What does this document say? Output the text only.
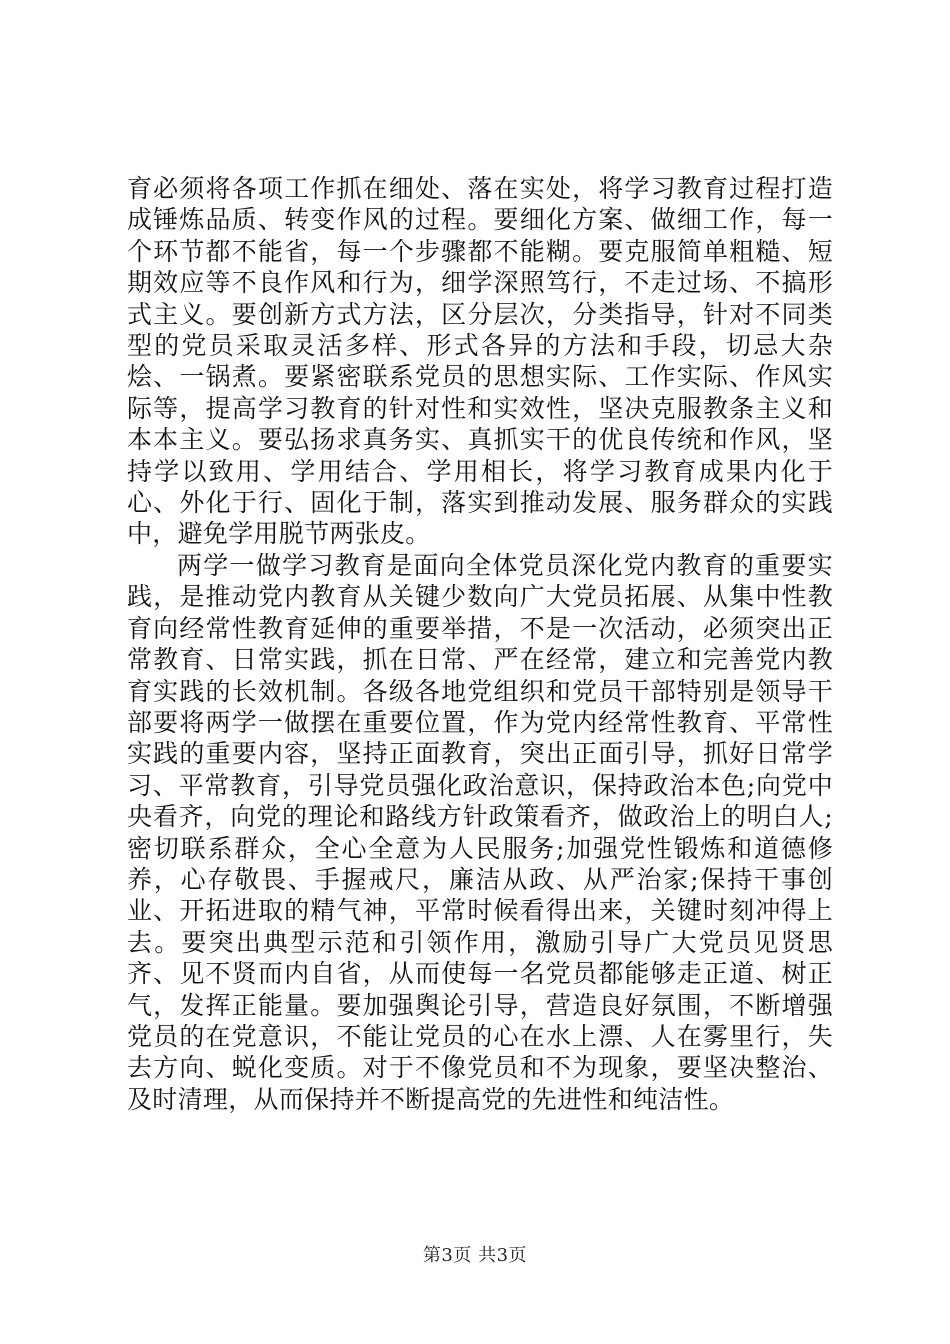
育必须将各项工作抓在细处、落在实处，将学习教育过程打造成锤炼品质、转变作风的过程。要细化方案、做细工作，每一个环节都不能省，每一个步骤都不能糊。要克服简单粗糙、短期效应等不良作风和行为，细学深照笃行，不走过场、不搞形式主义。要创新方式方法，区分层次，分类指导，针对不同类型的党员采取灵活多样、形式各异的方法和手段，切忌大杂烩、一锅煮。要紧密联系党员的思想实际、工作实际、作风实际等，提高学习教育的针对性和实效性，坚决克服教条主义和本本主义。要弘扬求真务实、真抓实干的优良传统和作风，坚持学以致用、学用结合、学用相长，将学习教育成果内化于心、外化于行、固化于制，落实到推动发展、服务群众的实践中，避免学用脱节两张皮。

两学一做学习教育是面向全体党员深化党内教育的重要实践，是推动党内教育从关键少数向广大党员拓展、从集中性教育向经常性教育延伸的重要举措，不是一次活动，必须突出正常教育、日常实践，抓在日常、严在经常，建立和完善党内教育实践的长效机制。各级各地党组织和党员干部特别是领导干部要将两学一做摆在重要位置，作为党内经常性教育、平常性实践的重要内容，坚持正面教育，突出正面引导，抓好日常学习、平常教育，引导党员强化政治意识，保持政治本色;向党中央看齐，向党的理论和路线方针政策看齐，做政治上的明白人;密切联系群众，全心全意为人民服务;加强党性锻炼和道德修养，心存敬畏、手握戒尺，廉洁从政、从严治家;保持干事创业、开拓进取的精气神，平常时候看得出来，关键时刻冲得上去。要突出典型示范和引领作用，激励引导广大党员见贤思齐、见不贤而内自省，从而使每一名党员都能够走正道、树正气，发挥正能量。要加强舆论引导，营造良好氛围，不断增强党员的在党意识，不能让党员的心在水上漂、人在雾里行，失去方向、蜕化变质。对于不像党员和不为现象，要坚决整治、及时清理，从而保持并不断提高党的先进性和纯洁性。

第3页 共3页
